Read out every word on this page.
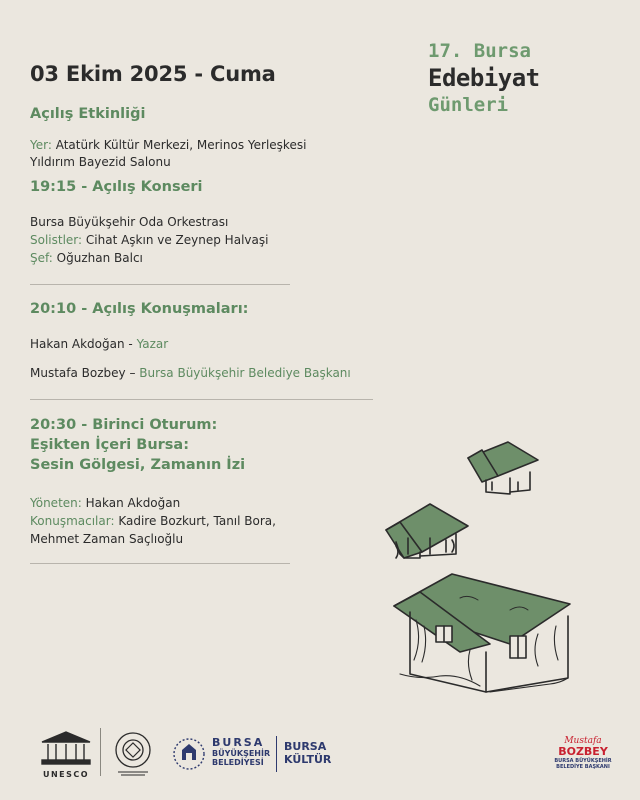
03 Ekim 2025 - Cuma
17. Bursa
Edebiyat
Günleri
Açılış Etkinliği
Yer: Atatürk Kültür Merkezi, Merinos Yerleşkesi
Yıldırım Bayezid Salonu
19:15 - Açılış Konseri
Bursa Büyükşehir Oda Orkestrası
Solistler: Cihat Aşkın ve Zeynep Halvaşi
Şef: Oğuzhan Balcı
20:10 - Açılış Konuşmaları:
Hakan Akdoğan - Yazar
Mustafa Bozbey – Bursa Büyükşehir Belediye Başkanı
20:30 - Birinci Oturum:
Eşikten İçeri Bursa:
Sesin Gölgesi, Zamanın İzi
Yöneten: Hakan Akdoğan
Konuşmacılar: Kadire Bozkurt, Tanıl Bora,
Mehmet Zaman Saçlıoğlu
UNESCO
BURSA
BÜYÜKŞEHİR
BELEDİYESİ
BURSA
KÜLTÜR
Mustafa
BOZBEY
BURSA BÜYÜKŞEHİR
BELEDİYE BAŞKANI
